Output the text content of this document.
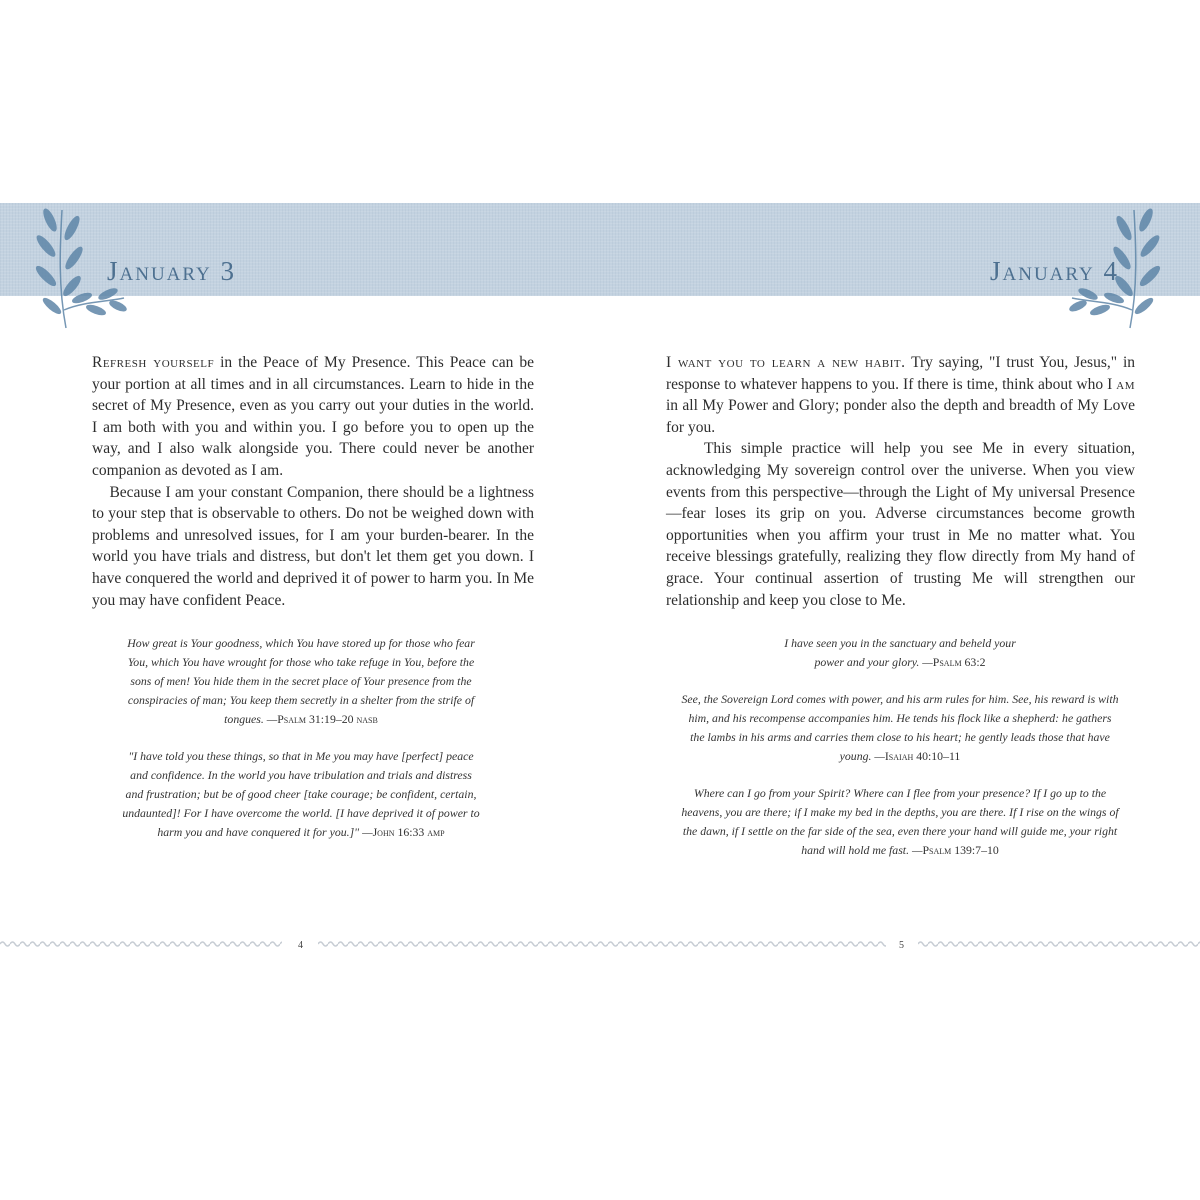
January 3	January 4

Refresh yourself in the Peace of My Presence. This Peace can be your portion at all times and in all circumstances. Learn to hide in the secret of My Presence, even as you carry out your duties in the world. I am both with you and within you. I go before you to open up the way, and I also walk alongside you. There could never be another companion as devoted as I am.

Because I am your constant Companion, there should be a lightness to your step that is observable to others. Do not be weighed down with problems and unresolved issues, for I am your burden-bearer. In the world you have trials and distress, but don't let them get you down. I have conquered the world and deprived it of power to harm you. In Me you may have confident Peace.

How great is Your goodness, which You have stored up for those who fear You, which You have wrought for those who take refuge in You, before the sons of men! You hide them in the secret place of Your presence from the conspiracies of man; You keep them secretly in a shelter from the strife of tongues. —Psalm 31:19–20 nasb

"I have told you these things, so that in Me you may have [perfect] peace and confidence. In the world you have tribulation and trials and distress and frustration; but be of good cheer [take courage; be confident, certain, undaunted]! For I have overcome the world. [I have deprived it of power to harm you and have conquered it for you.]" —John 16:33 amp

I want you to learn a new habit. Try saying, "I trust You, Jesus," in response to whatever happens to you. If there is time, think about who I am in all My Power and Glory; ponder also the depth and breadth of My Love for you.

This simple practice will help you see Me in every situation, acknowledging My sovereign control over the universe. When you view events from this perspective—through the Light of My universal Presence—fear loses its grip on you. Adverse circumstances become growth opportunities when you affirm your trust in Me no matter what. You receive blessings gratefully, realizing they flow directly from My hand of grace. Your continual assertion of trusting Me will strengthen our relationship and keep you close to Me.

I have seen you in the sanctuary and beheld your power and your glory. —Psalm 63:2

See, the Sovereign Lord comes with power, and his arm rules for him. See, his reward is with him, and his recompense accompanies him. He tends his flock like a shepherd: he gathers the lambs in his arms and carries them close to his heart; he gently leads those that have young. —Isaiah 40:10–11

Where can I go from your Spirit? Where can I flee from your presence? If I go up to the heavens, you are there; if I make my bed in the depths, you are there. If I rise on the wings of the dawn, if I settle on the far side of the sea, even there your hand will guide me, your right hand will hold me fast. —Psalm 139:7–10

4	5
